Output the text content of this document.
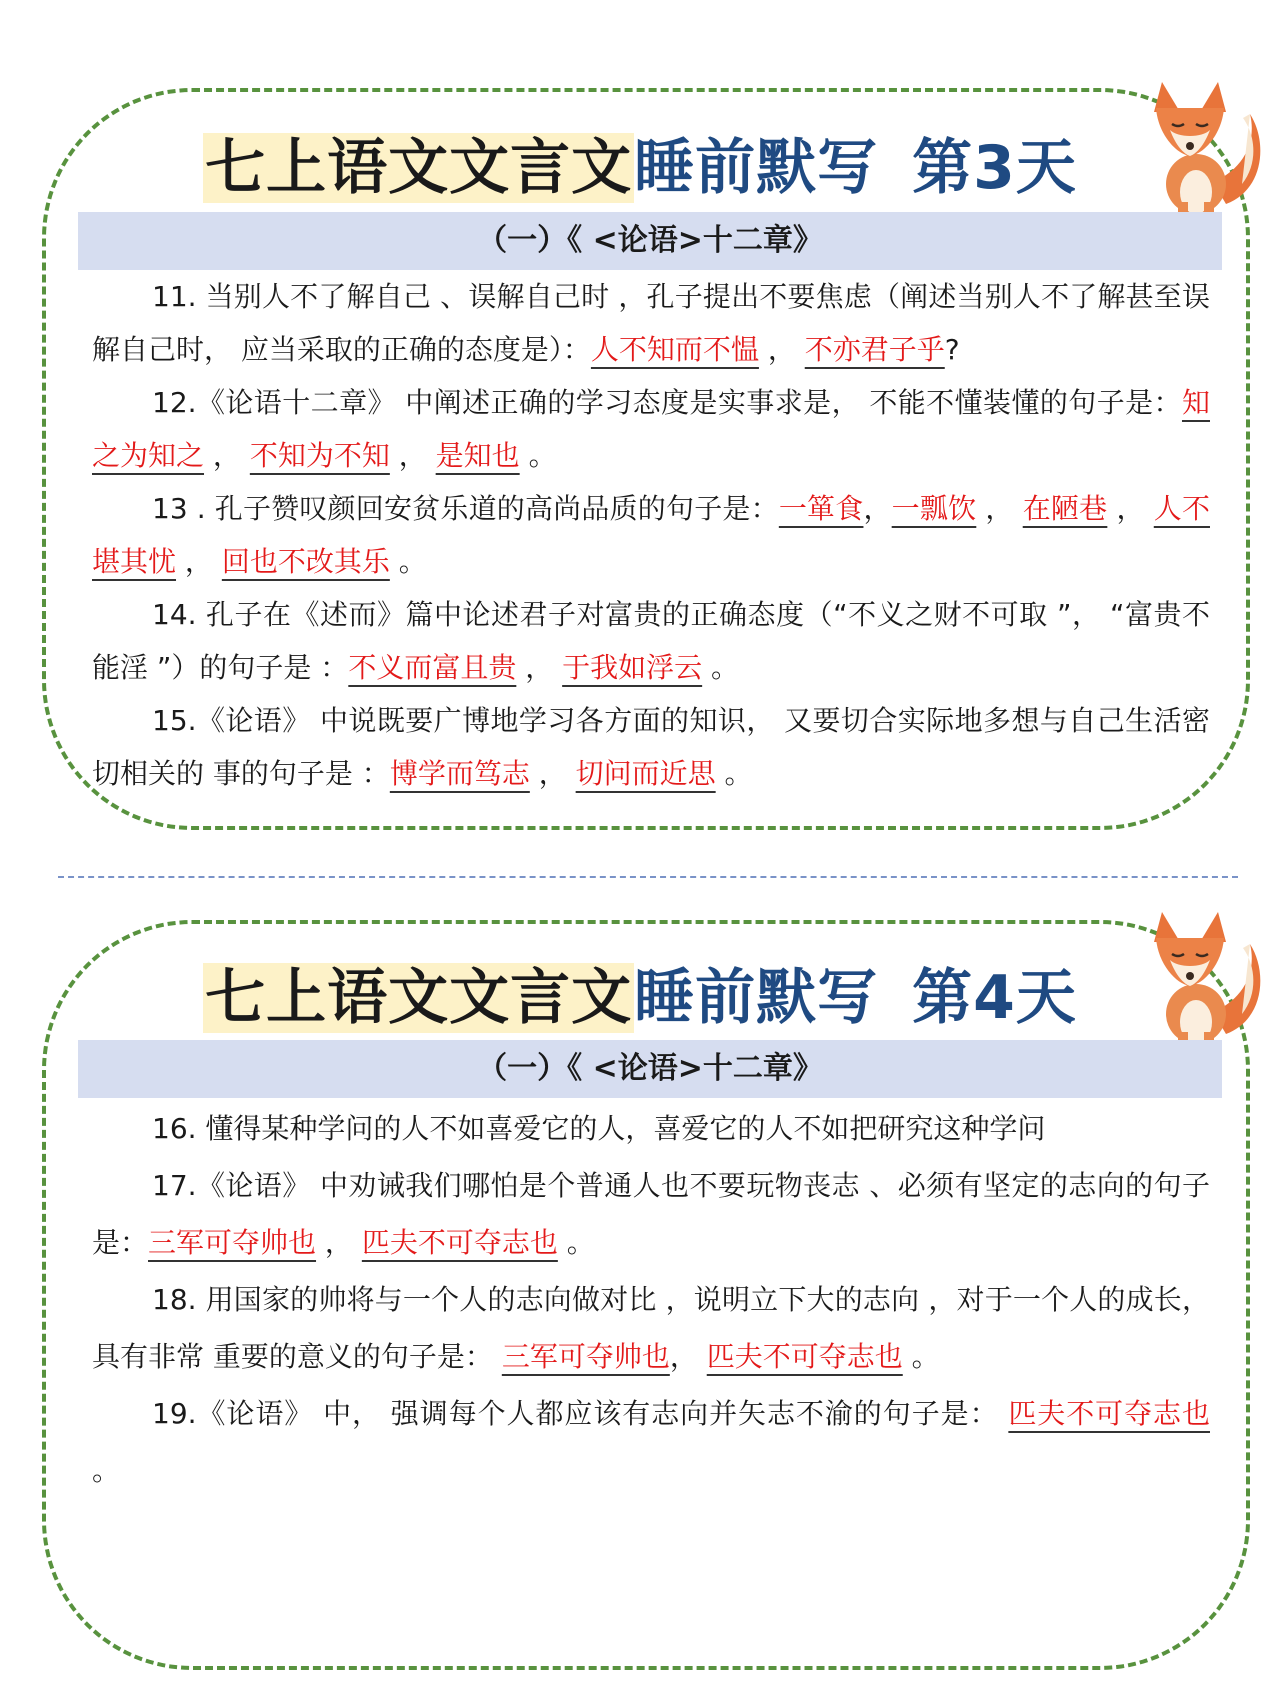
七上语文文言文睡前默写 第3天
（一）《 <论语>十二章》

11. 当别人不了解自己 、误解自己时 ，孔子提出不要焦虑（阐述当别人不了解甚至误解自己时， 应当采取的正确的态度是）：人不知而不愠 ， 不亦君子乎?

12.《论语十二章》 中阐述正确的学习态度是实事求是， 不能不懂装懂的句子是：知之为知之 ， 不知为不知 ， 是知也 。

13 . 孔子赞叹颜回安贫乐道的高尚品质的句子是：一箪食，一瓢饮 ， 在陋巷 ， 人不堪其忧 ， 回也不改其乐 。

14. 孔子在《述而》篇中论述君子对富贵的正确态度（“不义之财不可取 ”， “富贵不能淫 ”）的句子是 ：不义而富且贵 ， 于我如浮云 。

15.《论语》 中说既要广博地学习各方面的知识， 又要切合实际地多想与自己生活密切相关的 事的句子是 ：博学而笃志 ， 切问而近思 。

七上语文文言文睡前默写 第4天
（一）《 <论语>十二章》

16. 懂得某种学问的人不如喜爱它的人，喜爱它的人不如把研究这种学问

17.《论语》 中劝诫我们哪怕是个普通人也不要玩物丧志 、必须有坚定的志向的句子是：三军可夺帅也 ， 匹夫不可夺志也 。

18. 用国家的帅将与一个人的志向做对比 ，说明立下大的志向 ，对于一个人的成长， 具有非常 重要的意义的句子是： 三军可夺帅也， 匹夫不可夺志也 。

19.《论语》 中， 强调每个人都应该有志向并矢志不渝的句子是： 匹夫不可夺志也 。
